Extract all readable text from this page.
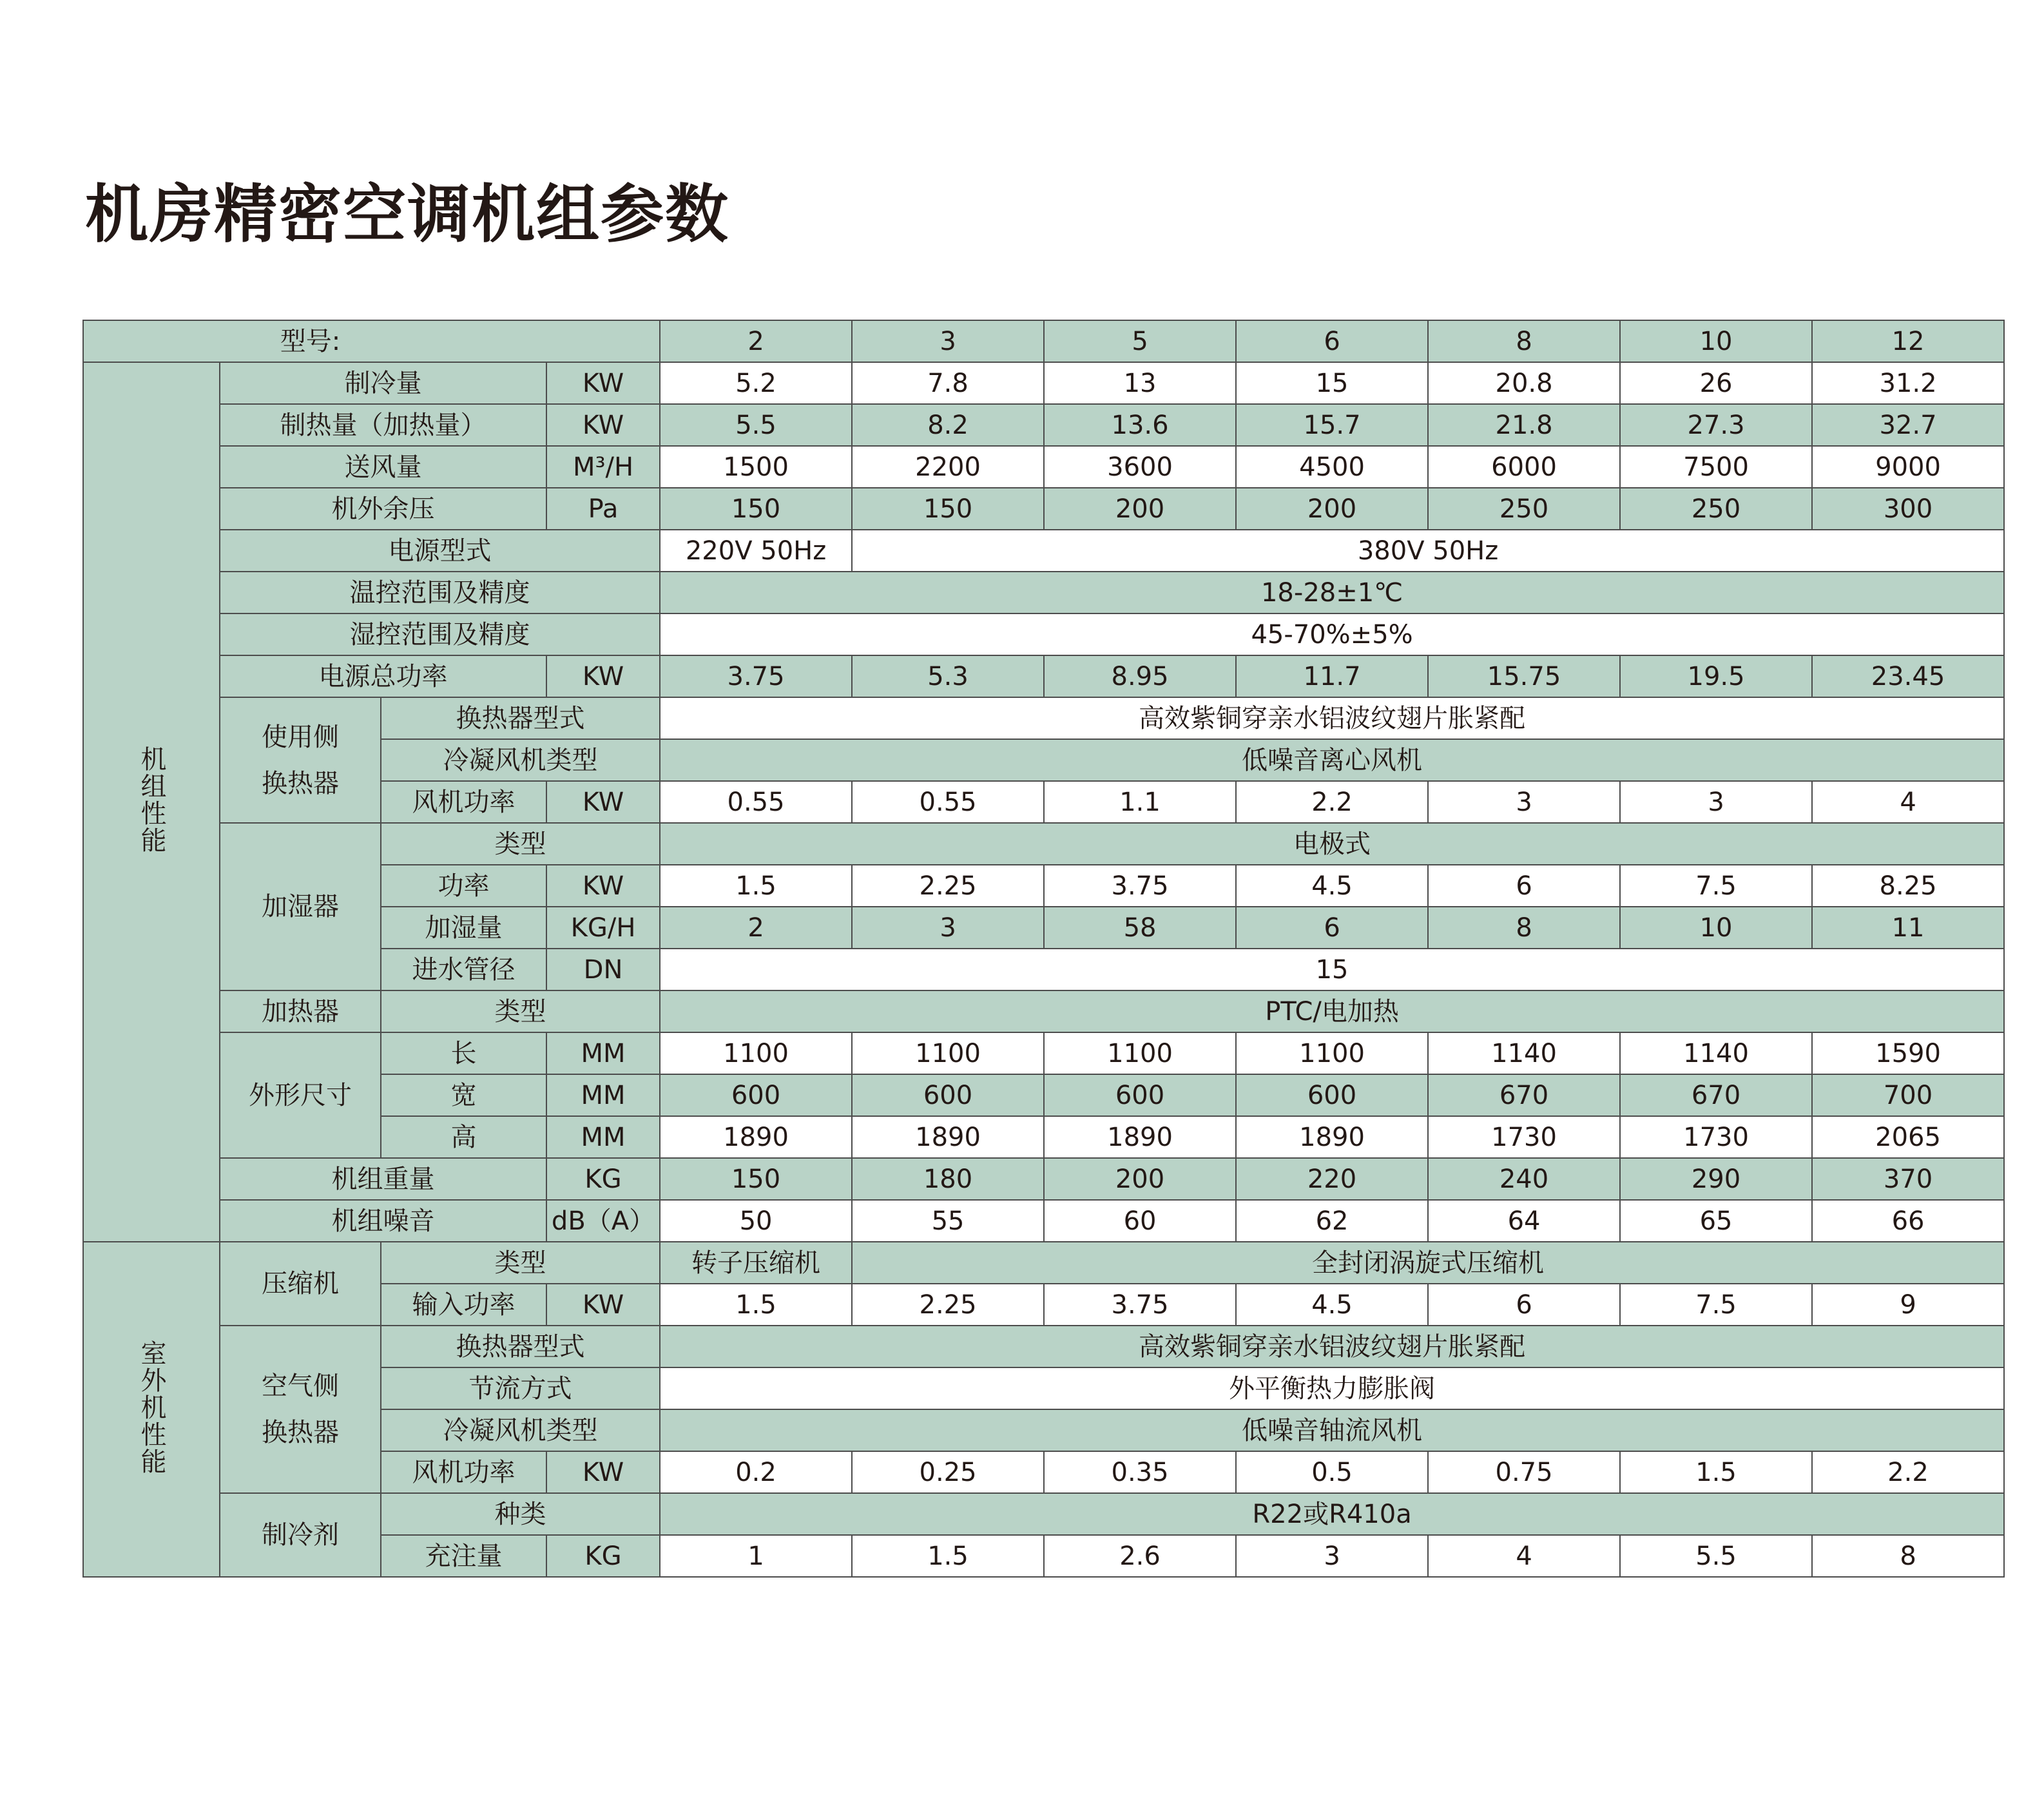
机房精密空调机组参数
型号:				2	3	5	6	8	10	12
机组性能	制冷量		KW	5.2	7.8	13	15	20.8	26	31.2
	制热量（加热量）		KW	5.5	8.2	13.6	15.7	21.8	27.3	32.7
	送风量		M³/H	1500	2200	3600	4500	6000	7500	9000
	机外余压		Pa	150	150	200	200	250	250	300
	电源型式			220V 50Hz	380V 50Hz					
	温控范围及精度			18-28±1℃						
	湿控范围及精度			45-70%±5%						
	电源总功率		KW	3.75	5.3	8.95	11.7	15.75	19.5	23.45
	使用侧换热器	换热器型式		高效紫铜穿亲水铝波纹翅片胀紧配						
		冷凝风机类型		低噪音离心风机						
		风机功率	KW	0.55	0.55	1.1	2.2	3	3	4
	加湿器	类型		电极式						
		功率	KW	1.5	2.25	3.75	4.5	6	7.5	8.25
		加湿量	KG/H	2	3	58	6	8	10	11
		进水管径	DN	15						
	加热器	类型		PTC/电加热						
	外形尺寸	长	MM	1100	1100	1100	1100	1140	1140	1590
		宽	MM	600	600	600	600	670	670	700
		高	MM	1890	1890	1890	1890	1730	1730	2065
	机组重量		KG	150	180	200	220	240	290	370
	机组噪音		dB（A）	50	55	60	62	64	65	66
室外机性能	压缩机	类型		转子压缩机	全封闭涡旋式压缩机					
		输入功率	KW	1.5	2.25	3.75	4.5	6	7.5	9
	空气侧换热器	换热器型式		高效紫铜穿亲水铝波纹翅片胀紧配						
		节流方式		外平衡热力膨胀阀						
		冷凝风机类型		低噪音轴流风机						
		风机功率	KW	0.2	0.25	0.35	0.5	0.75	1.5	2.2
	制冷剂	种类		R22或R410a						
		充注量	KG	1	1.5	2.6	3	4	5.5	8
